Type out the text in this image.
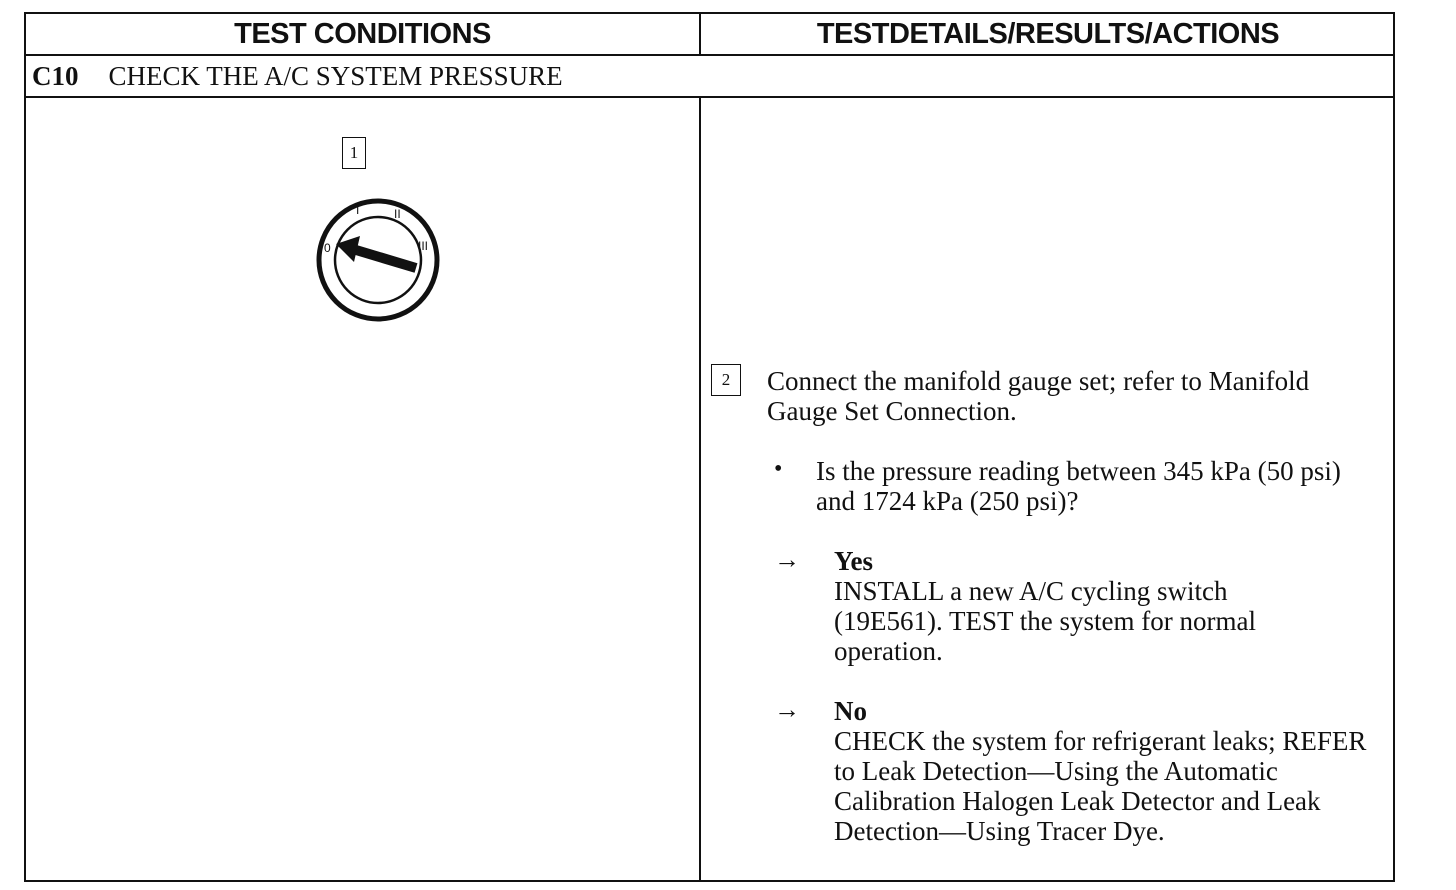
TEST CONDITIONS	TESTDETAILS/RESULTS/ACTIONS
C10 CHECK THE A/C SYSTEM PRESSURE
1
0
I	II
III
2	Connect the manifold gauge set; refer to Manifold Gauge Set Connection.
• Is the pressure reading between 345 kPa (50 psi) and 1724 kPa (250 psi)?
→ Yes
INSTALL a new A/C cycling switch (19E561). TEST the system for normal operation.
→ No
CHECK the system for refrigerant leaks; REFER to Leak Detection—Using the Automatic Calibration Halogen Leak Detector and Leak Detection—Using Tracer Dye.
